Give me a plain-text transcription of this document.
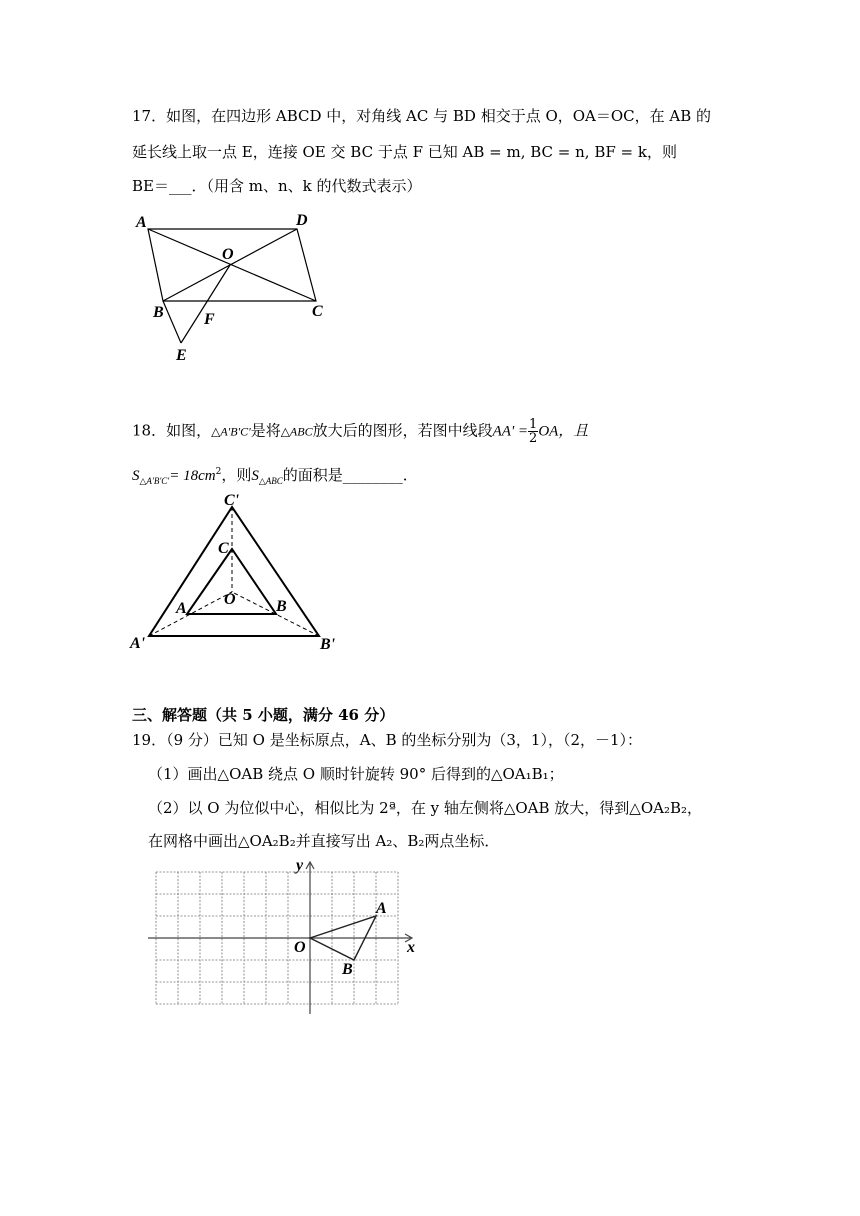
17．如图，在四边形 ABCD 中，对角线 AC 与 BD 相交于点 O，OA＝OC，在 AB 的
延长线上取一点 E，连接 OE 交 BC 于点 F 已知 AB = m, BC = n, BF = k，则
BE＝___．（用含 m、n、k 的代数式表示）
A	D
O
B	F	C
E
18．如图，△A'B'C'是将△ABC放大后的图形，若图中线段$AA' = \frac{1}{2}$ OA，且
$S_{\triangle A'B'C'}= 18cm^2$，则$S_{\triangle ABC}$的面积是________．
C'
C
O
A	B
A'	B'
三、解答题（共 5 小题，满分 46 分）
19．（9 分）已知 O 是坐标原点，A、B 的坐标分别为（3，1），（2，－1）：
（1）画出△OAB 绕点 O 顺时针旋转 90° 后得到的△OA₁B₁；
（2）以 O 为位似中心，相似比为 2ª，在 y 轴左侧将△OAB 放大，得到△OA₂B₂，
在网格中画出△OA₂B₂并直接写出 A₂、B₂两点坐标．
y
x
O
A
B
